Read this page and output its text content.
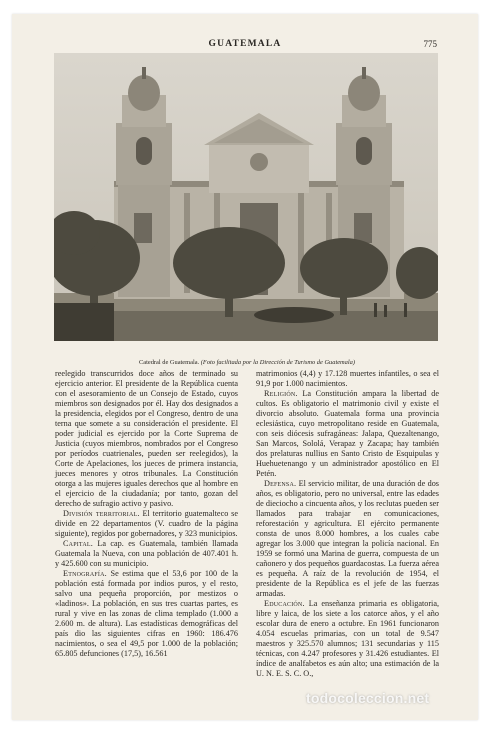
GUATEMALA	775
Catedral de Guatemala. (Foto facilitada por la Dirección de Turismo de Guatemala)

reelegido transcurridos doce años de terminado su ejercicio anterior. El presidente de la República cuenta con el asesoramiento de un Consejo de Estado, cuyos miembros son designados por él. Hay dos designados a la presidencia, elegidos por el Congreso, dentro de una terna que somete a su consideración el presidente. El poder judicial es ejercido por la Corte Suprema de Justicia (cuyos miembros, nombrados por el Congreso por períodos cuatrienales, pueden ser reelegidos), la Corte de Apelaciones, los jueces de primera instancia, jueces menores y otros tribunales. La Constitución otorga a las mujeres iguales derechos que al hombre en el ejercicio de la ciudadanía; por tanto, gozan del derecho de sufragio activo y pasivo.

División territorial. El territorio guatemalteco se divide en 22 departamentos (V. cuadro de la página siguiente), regidos por gobernadores, y 323 municipios.

Capital. La cap. es Guatemala, también llamada Guatemala la Nueva, con una población de 407.401 h. y 425.600 con su municipio.

Etnografía. Se estima que el 53,6 por 100 de la población está formada por indios puros, y el resto, salvo una pequeña proporción, por mestizos o «ladinos». La población, en sus tres cuartas partes, es rural y vive en las zonas de clima templado (1.000 a 2.600 m. de altura). Las estadísticas demográficas del país dio las siguientes cifras en 1960: 186.476 nacimientos, o sea el 49,5 por 1.000 de la población; 65.805 defunciones (17,5), 16.561

matrimonios (4,4) y 17.128 muertes infantiles, o sea el 91,9 por 1.000 nacimientos.

Religión. La Constitución ampara la libertad de cultos. Es obligatorio el matrimonio civil y existe el divorcio absoluto. Guatemala forma una provincia eclesiástica, cuyo metropolitano reside en Guatemala, con seis diócesis sufragáneas: Jalapa, Quezaltenango, San Marcos, Sololá, Verapaz y Zacapa; hay también dos prelaturas nullius en Santo Cristo de Esquipulas y Huehuetenango y un administrador apostólico en El Petén.

Defensa. El servicio militar, de una duración de dos años, es obligatorio, pero no universal, entre las edades de dieciocho a cincuenta años, y los reclutas pueden ser llamados para trabajar en comunicaciones, reforestación y agricultura. El ejército permanente consta de unos 8.000 hombres, a los cuales cabe agregar los 3.000 que integran la policía nacional. En 1959 se formó una Marina de guerra, compuesta de un cañonero y dos pequeños guardacostas. La fuerza aérea es pequeña. A raíz de la revolución de 1954, el presidente de la República es el jefe de las fuerzas armadas.

Educación. La enseñanza primaria es obligatoria, libre y laica, de los siete a los catorce años, y el año escolar dura de enero a octubre. En 1961 funcionaron 4.054 escuelas primarias, con un total de 9.547 maestros y 325.570 alumnos; 131 secundarias y 115 técnicas, con 4.247 profesores y 31.426 estudiantes. El índice de analfabetos es aún alto; una estimación de la U. N. E. S. C. O.,

todocoleccion.net
